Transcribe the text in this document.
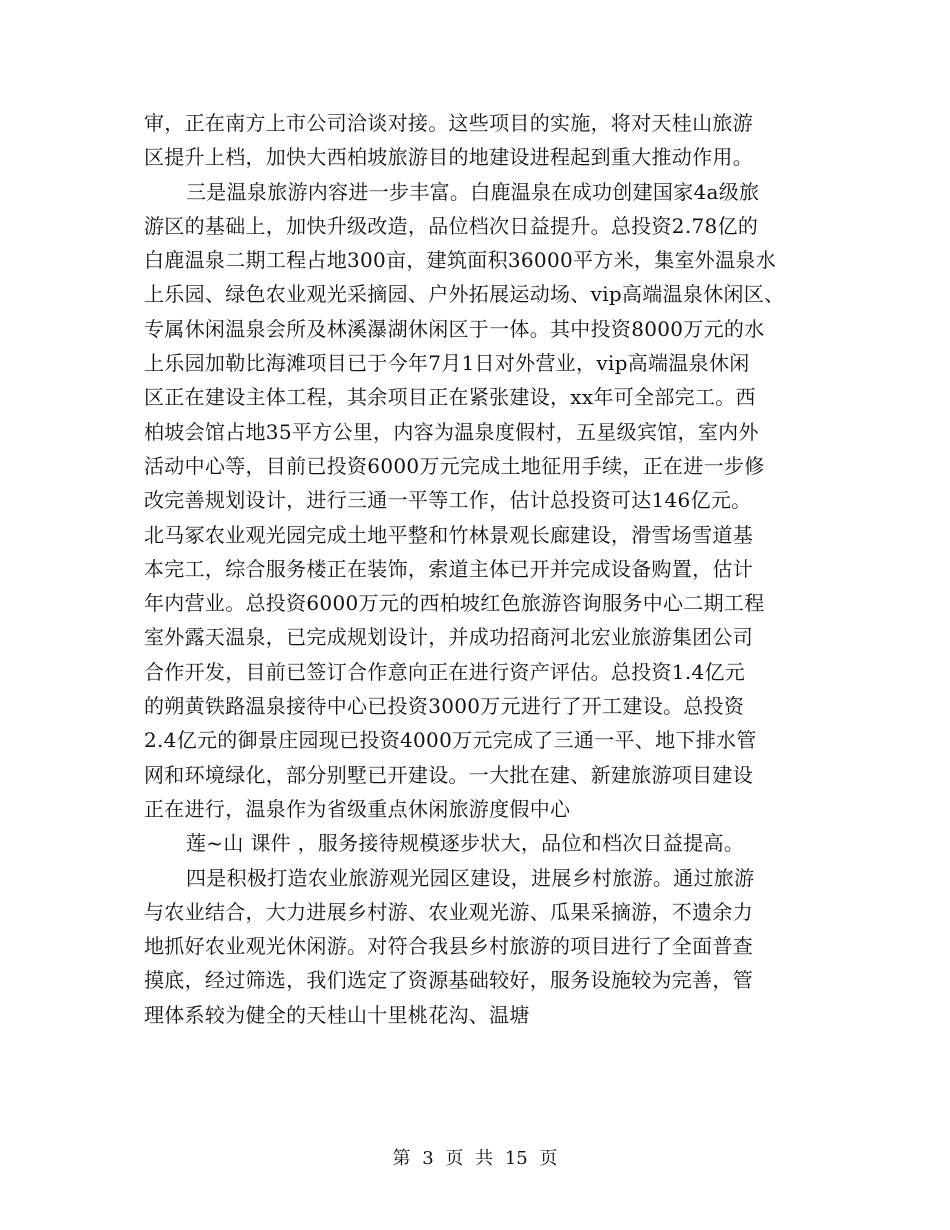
审，正在南方上市公司洽谈对接。这些项目的实施，将对天桂山旅游
区提升上档，加快大西柏坡旅游目的地建设进程起到重大推动作用。
三是温泉旅游内容进一步丰富。白鹿温泉在成功创建国家4a级旅
游区的基础上，加快升级改造，品位档次日益提升。总投资2.78亿的
白鹿温泉二期工程占地300亩，建筑面积36000平方米，集室外温泉水
上乐园、绿色农业观光采摘园、户外拓展运动场、vip高端温泉休闲区、
专属休闲温泉会所及林溪瀑湖休闲区于一体。其中投资8000万元的水
上乐园加勒比海滩项目已于今年7月1日对外营业，vip高端温泉休闲
区正在建设主体工程，其余项目正在紧张建设，xx年可全部完工。西
柏坡会馆占地35平方公里，内容为温泉度假村，五星级宾馆，室内外
活动中心等，目前已投资6000万元完成土地征用手续，正在进一步修
改完善规划设计，进行三通一平等工作，估计总投资可达146亿元。
北马冢农业观光园完成土地平整和竹林景观长廊建设，滑雪场雪道基
本完工，综合服务楼正在装饰，索道主体已开并完成设备购置，估计
年内营业。总投资6000万元的西柏坡红色旅游咨询服务中心二期工程
室外露天温泉，已完成规划设计，并成功招商河北宏业旅游集团公司
合作开发，目前已签订合作意向正在进行资产评估。总投资1.4亿元
的朔黄铁路温泉接待中心已投资3000万元进行了开工建设。总投资
2.4亿元的御景庄园现已投资4000万元完成了三通一平、地下排水管
网和环境绿化，部分别墅已开建设。一大批在建、新建旅游项目建设
正在进行，温泉作为省级重点休闲旅游度假中心
莲~山 课件 ，服务接待规模逐步状大，品位和档次日益提高。
四是积极打造农业旅游观光园区建设，进展乡村旅游。通过旅游
与农业结合，大力进展乡村游、农业观光游、瓜果采摘游，不遗余力
地抓好农业观光休闲游。对符合我县乡村旅游的项目进行了全面普查
摸底，经过筛选，我们选定了资源基础较好，服务设施较为完善，管
理体系较为健全的天桂山十里桃花沟、温塘
第 3 页 共 15 页
